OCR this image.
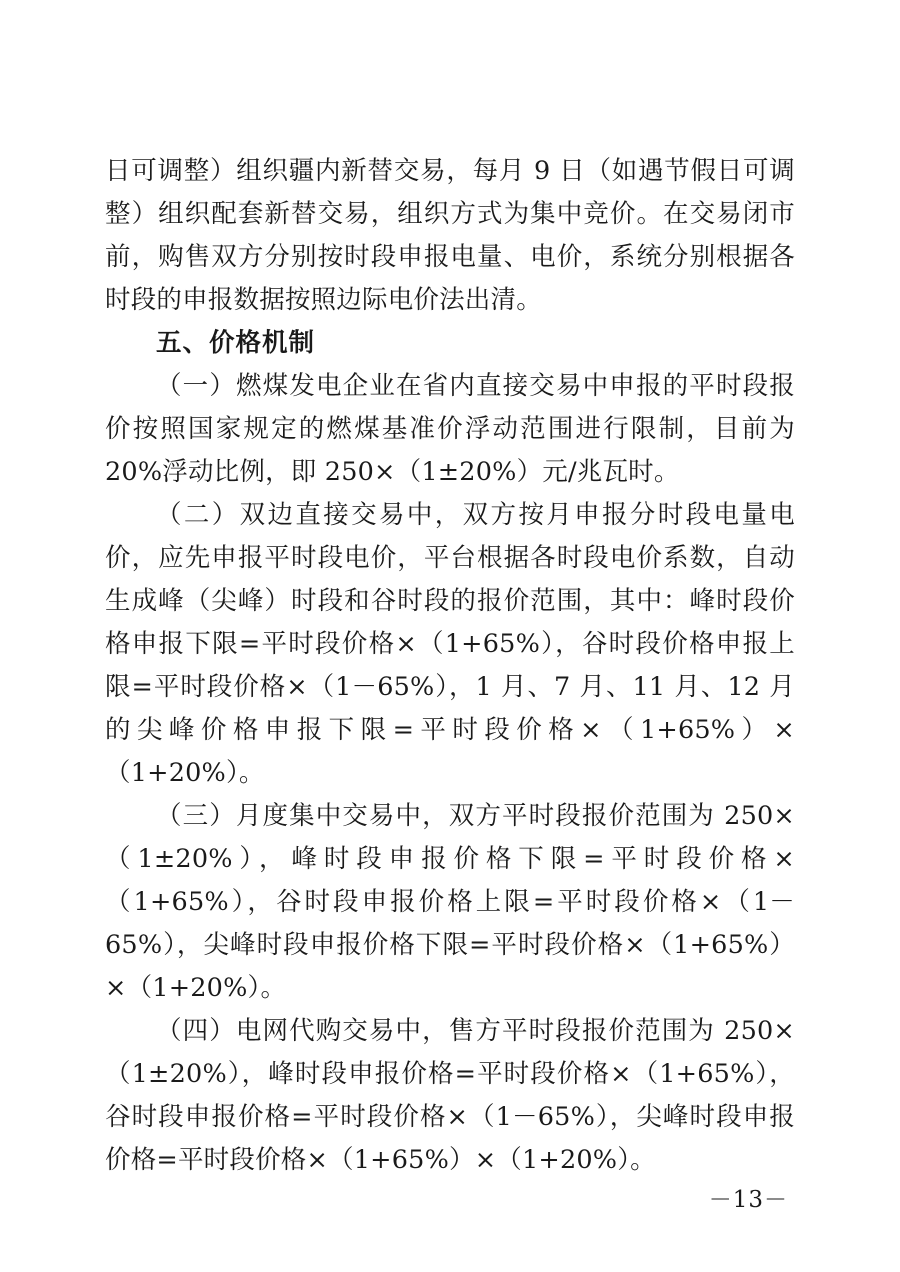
日可调整）组织疆内新替交易，每月 9 日（如遇节假日可调整）组织配套新替交易，组织方式为集中竞价。在交易闭市前，购售双方分别按时段申报电量、电价，系统分别根据各时段的申报数据按照边际电价法出清。

五、价格机制

（一）燃煤发电企业在省内直接交易中申报的平时段报价按照国家规定的燃煤基准价浮动范围进行限制，目前为 20%浮动比例，即 250×（1±20%）元/兆瓦时。

（二）双边直接交易中，双方按月申报分时段电量电价，应先申报平时段电价，平台根据各时段电价系数，自动生成峰（尖峰）时段和谷时段的报价范围，其中：峰时段价格申报下限=平时段价格×（1+65%），谷时段价格申报上限=平时段价格×（1－65%），1 月、7 月、11 月、12 月的尖峰价格申报下限=平时段价格×（1+65%）×（1+20%）。

（三）月度集中交易中，双方平时段报价范围为 250×（1±20%），峰时段申报价格下限=平时段价格×（1+65%），谷时段申报价格上限=平时段价格×（1－65%），尖峰时段申报价格下限=平时段价格×（1+65%）×（1+20%）。

（四）电网代购交易中，售方平时段报价范围为 250×（1±20%），峰时段申报价格=平时段价格×（1+65%），谷时段申报价格=平时段价格×（1－65%），尖峰时段申报价格=平时段价格×（1+65%）×（1+20%）。

－13－
